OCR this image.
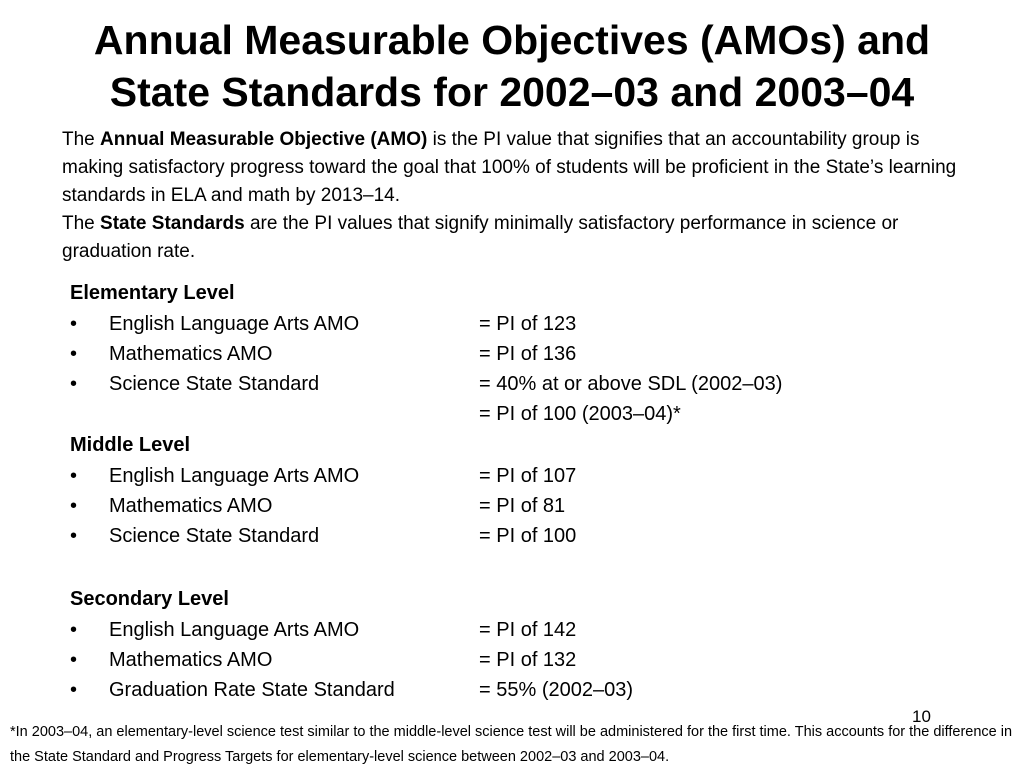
Annual Measurable Objectives (AMOs) and
State Standards for 2002–03 and 2003–04
The Annual Measurable Objective (AMO) is the PI value that signifies that an accountability group is making satisfactory progress toward the goal that 100% of students will be proficient in the State’s learning standards in ELA and math by 2013–14.
The State Standards are the PI values that signify minimally satisfactory performance in science or graduation rate.
Elementary Level
• English Language Arts AMO	= PI of 123
• Mathematics AMO	= PI of 136
• Science State Standard	= 40% at or above SDL (2002–03)
= PI of 100 (2003–04)*
Middle Level
• English Language Arts AMO	= PI of 107
• Mathematics AMO	= PI of 81
• Science State Standard	= PI of 100
Secondary Level
• English Language Arts AMO	= PI of 142
• Mathematics AMO	= PI of 132
• Graduation Rate State Standard	= 55% (2002–03)
10
*In 2003–04, an elementary-level science test similar to the middle-level science test will be administered for the first time. This accounts for the difference in the State Standard and Progress Targets for elementary-level science between 2002–03 and 2003–04.
